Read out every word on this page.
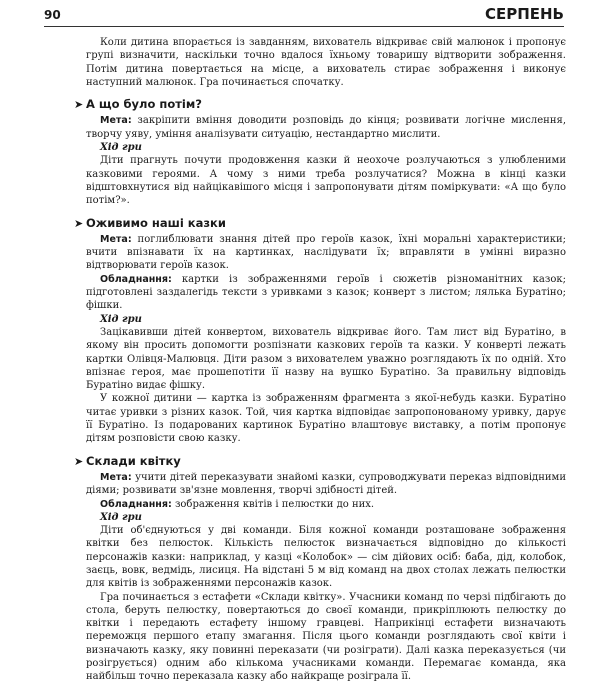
90	СЕРПЕНЬ

Коли дитина впорається із завданням, вихователь відкриває свій малюнок і пропонує групі визначити, наскільки точно вдалося їхньому товаришу відтворити зображення. Потім дитина повертається на місце, а вихователь стирає зображення і виконує наступний малюнок. Гра починається спочатку.

➤ А що було потім?

Мета: закріпити вміння доводити розповідь до кінця; розвивати логічне мислення, творчу уяву, уміння аналізувати ситуацію, нестандартно мислити.

Хід гри

Діти прагнуть почути продовження казки й неохоче розлучаються з улюбленими казковими героями. А чому з ними треба розлучатися? Можна в кінці казки відштовхнутися від найцікавішого місця і запропонувати дітям поміркувати: «А що було потім?».

➤ Оживимо наші казки

Мета: поглиблювати знання дітей про героїв казок, їхні моральні характеристики; вчити впізнавати їх на картинках, наслідувати їх; вправляти в умінні виразно відтворювати героїв казок.

Обладнання: картки із зображеннями героїв і сюжетів різноманітних казок; підготовлені заздалегідь тексти з уривками з казок; конверт з листом; лялька Буратіно; фішки.

Хід гри

Зацікавивши дітей конвертом, вихователь відкриває його. Там лист від Буратіно, в якому він просить допомогти розпізнати казкових героїв та казки. У конверті лежать картки Олівця-Малювця. Діти разом з вихователем уважно розглядають їх по одній. Хто впізнає героя, має прошепотіти її назву на вушко Буратіно. За правильну відповідь Буратіно видає фішку.

У кожної дитини — картка із зображенням фрагмента з якої-небудь казки. Буратіно читає уривки з різних казок. Той, чия картка відповідає запропонованому уривку, дарує її Буратіно. Із подарованих картинок Буратіно влаштовує виставку, а потім пропонує дітям розповісти свою казку.

➤ Склади квітку

Мета: учити дітей переказувати знайомі казки, супроводжувати переказ відповідними діями; розвивати зв'язне мовлення, творчі здібності дітей.

Обладнання: зображення квітів і пелюстки до них.

Хід гри

Діти об'єднуються у дві команди. Біля кожної команди розташоване зображення квітки без пелюсток. Кількість пелюсток визначається відповідно до кількості персонажів казки: наприклад, у казці «Колобок» — сім дійових осіб: баба, дід, колобок, заєць, вовк, ведмідь, лисиця. На відстані 5 м від команд на двох столах лежать пелюстки для квітів із зображеннями персонажів казок.

Гра починається з естафети «Склади квітку». Учасники команд по черзі підбігають до стола, беруть пелюстку, повертаються до своєї команди, прикріплюють пелюстку до квітки і передають естафету іншому гравцеві. Наприкінці естафети визначають переможця першого етапу змагання. Після цього команди розглядають свої квіти і визначають казку, яку повинні переказати (чи розіграти). Далі казка переказується (чи розігрується) одним або кількома учасниками команди. Перемагає команда, яка найбільш точно переказала казку або найкраще розіграла її.
